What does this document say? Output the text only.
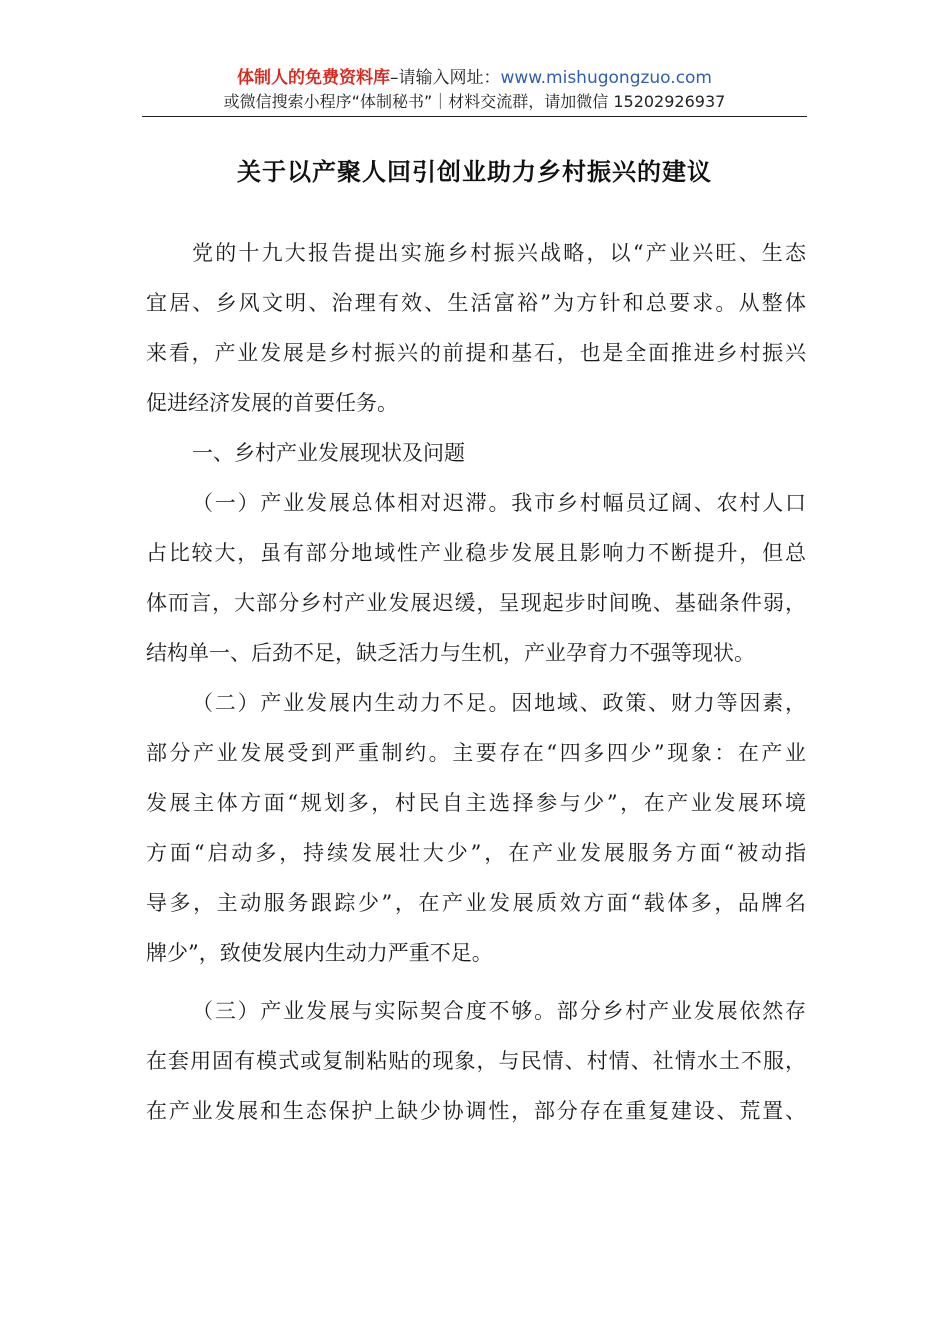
体制人的免费资料库–请输入网址：www.mishugongzuo.com
或微信搜索小程序“体制秘书”｜材料交流群，请加微信 15202926937
关于以产聚人回引创业助力乡村振兴的建议
党的十九大报告提出实施乡村振兴战略，以“产业兴旺、生态
宜居、乡风文明、治理有效、生活富裕”为方针和总要求。从整体
来看，产业发展是乡村振兴的前提和基石，也是全面推进乡村振兴
促进经济发展的首要任务。
一、乡村产业发展现状及问题
（一）产业发展总体相对迟滞。我市乡村幅员辽阔、农村人口
占比较大，虽有部分地域性产业稳步发展且影响力不断提升，但总
体而言，大部分乡村产业发展迟缓，呈现起步时间晚、基础条件弱，
结构单一、后劲不足，缺乏活力与生机，产业孕育力不强等现状。
（二）产业发展内生动力不足。因地域、政策、财力等因素，
部分产业发展受到严重制约。主要存在“四多四少”现象：在产业
发展主体方面“规划多，村民自主选择参与少”，在产业发展环境
方面“启动多，持续发展壮大少”，在产业发展服务方面“被动指
导多，主动服务跟踪少”，在产业发展质效方面“载体多，品牌名
牌少”，致使发展内生动力严重不足。
（三）产业发展与实际契合度不够。部分乡村产业发展依然存
在套用固有模式或复制粘贴的现象，与民情、村情、社情水土不服，
在产业发展和生态保护上缺少协调性，部分存在重复建设、荒置、
